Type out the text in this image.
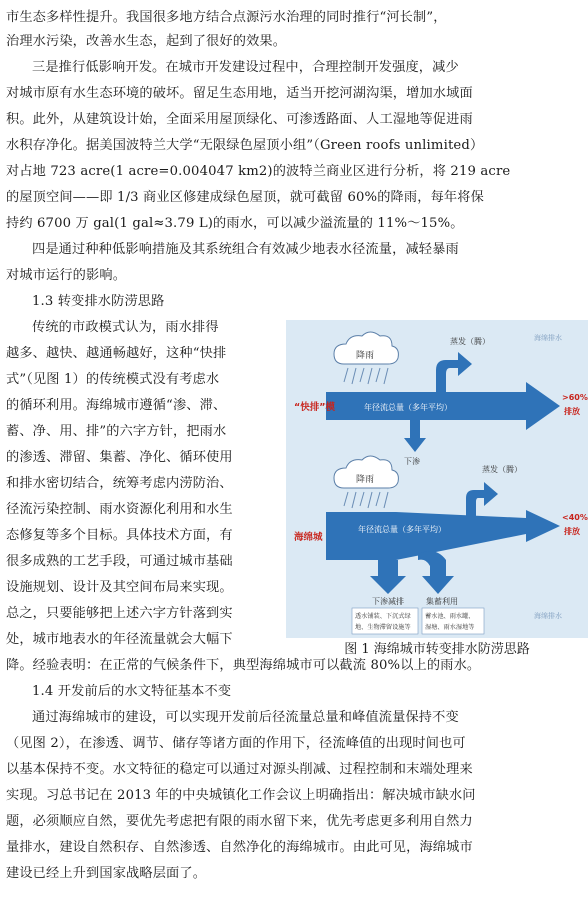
市生态多样性提升。我国很多地方结合点源污水治理的同时推行“河长制”，
治理水污染，改善水生态，起到了很好的效果。
三是推行低影响开发。在城市开发建设过程中，合理控制开发强度，减少
对城市原有水生态环境的破坏。留足生态用地，适当开挖河湖沟渠，增加水域面
积。此外，从建筑设计始，全面采用屋顶绿化、可渗透路面、人工湿地等促进雨
水积存净化。据美国波特兰大学“无限绿色屋顶小组”（Green roofs unlimited）
对占地 723 acre(1 acre=0.004047 km2)的波特兰商业区进行分析，将 219 acre
的屋顶空间——即 1/3 商业区修建成绿色屋顶，就可截留 60%的降雨，每年将保
持约 6700 万 gal(1 gal≈3.79 L)的雨水，可以减少溢流量的 11%～15%。
四是通过种种低影响措施及其系统组合有效减少地表水径流量，减轻暴雨
对城市运行的影响。
1.3 转变排水防涝思路
传统的市政模式认为，雨水排得
越多、越快、越通畅越好，这种“快排
式”（见图 1）的传统模式没有考虑水
的循环利用。海绵城市遵循“渗、滞、
蓄、净、用、排”的六字方针，把雨水
的渗透、滞留、集蓄、净化、循环使用
和排水密切结合，统筹考虑内涝防治、
径流污染控制、雨水资源化利用和水生
态修复等多个目标。具体技术方面，有
很多成熟的工艺手段，可通过城市基础
设施规划、设计及其空间布局来实现。
总之，只要能够把上述六字方针落到实
处，城市地表水的年径流量就会大幅下
降。经验表明：在正常的气候条件下，典型海绵城市可以截流 80%以上的雨水。
1.4 开发前后的水文特征基本不变
通过海绵城市的建设，可以实现开发前后径流量总量和峰值流量保持不变
（见图 2），在渗透、调节、储存等诸方面的作用下，径流峰值的出现时间也可
以基本保持不变。水文特征的稳定可以通过对源头削减、过程控制和末端处理来
实现。习总书记在 2013 年的中央城镇化工作会议上明确指出：解决城市缺水问
题，必须顺应自然，要优先考虑把有限的雨水留下来，优先考虑更多利用自然力
量排水，建设自然积存、自然渗透、自然净化的海绵城市。由此可见，海绵城市
建设已经上升到国家战略层面了。
降雨
年径流总量（多年平均）
蒸发（腾）
下渗
“快排”模
>60%
排放
降雨
年径流总量（多年平均）
蒸发（腾）
下渗减排	集蓄利用
透水铺装、下沉式绿
地、生物滞留设施等
蓄水池、雨水罐、
湿塘、雨水湿地等
海绵城
<40%
排放
海绵排水
海绵排水
图 1 海绵城市转变排水防涝思路
